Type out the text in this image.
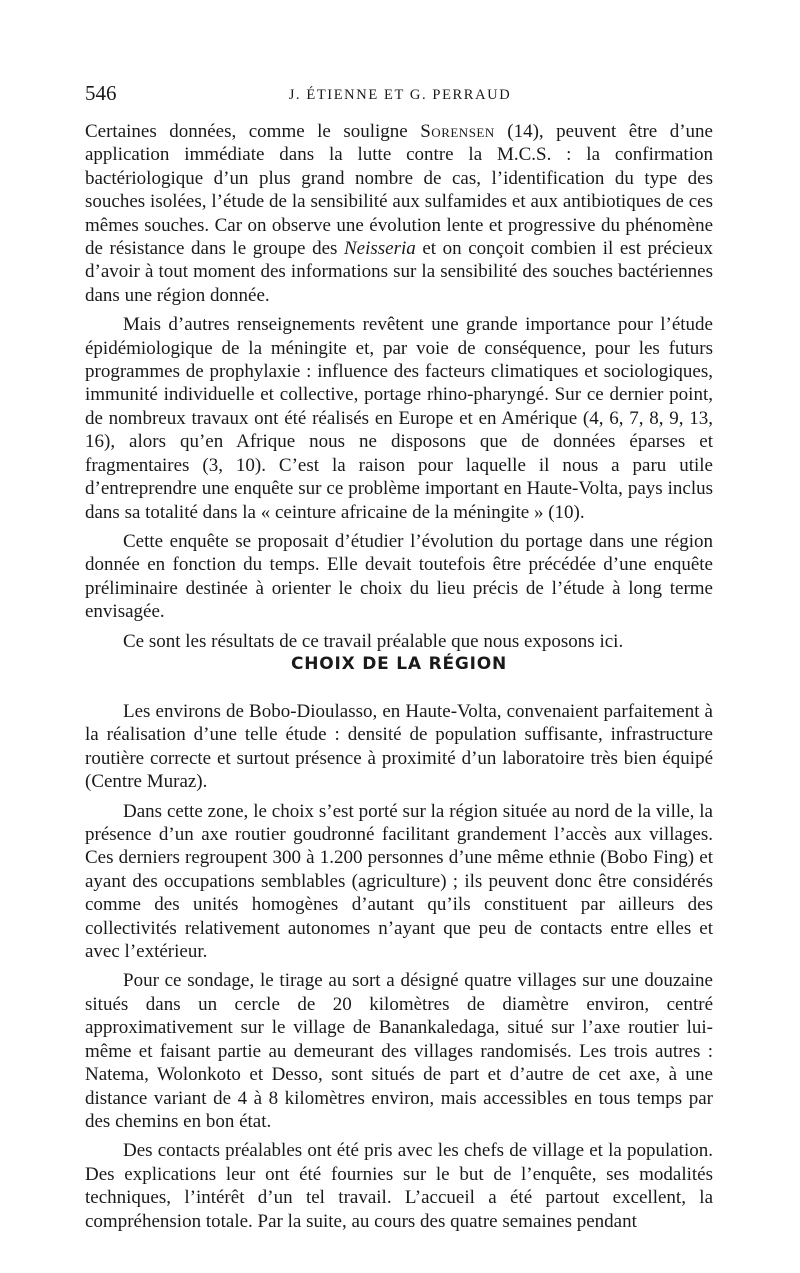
546	J. ÉTIENNE ET G. PERRAUD

Certaines données, comme le souligne Sorensen (14), peuvent être d’une application immédiate dans la lutte contre la M.C.S. : la confirmation bactériologique d’un plus grand nombre de cas, l’identification du type des souches isolées, l’étude de la sensibilité aux sulfamides et aux antibiotiques de ces mêmes souches. Car on observe une évolution lente et progressive du phénomène de résistance dans le groupe des Neisseria et on conçoit combien il est précieux d’avoir à tout moment des informations sur la sensibilité des souches bactériennes dans une région donnée.

Mais d’autres renseignements revêtent une grande importance pour l’étude épidémiologique de la méningite et, par voie de conséquence, pour les futurs programmes de prophylaxie : influence des facteurs climatiques et sociologiques, immunité individuelle et collective, portage rhino-pharyngé. Sur ce dernier point, de nombreux travaux ont été réalisés en Europe et en Amérique (4, 6, 7, 8, 9, 13, 16), alors qu’en Afrique nous ne disposons que de données éparses et fragmentaires (3, 10). C’est la raison pour laquelle il nous a paru utile d’entreprendre une enquête sur ce problème important en Haute-Volta, pays inclus dans sa totalité dans la « ceinture africaine de la méningite » (10).

Cette enquête se proposait d’étudier l’évolution du portage dans une région donnée en fonction du temps. Elle devait toutefois être précédée d’une enquête préliminaire destinée à orienter le choix du lieu précis de l’étude à long terme envisagée.

Ce sont les résultats de ce travail préalable que nous exposons ici.

CHOIX DE LA RÉGION

Les environs de Bobo-Dioulasso, en Haute-Volta, convenaient parfaitement à la réalisation d’une telle étude : densité de population suffisante, infrastructure routière correcte et surtout présence à proximité d’un laboratoire très bien équipé (Centre Muraz).

Dans cette zone, le choix s’est porté sur la région située au nord de la ville, la présence d’un axe routier goudronné facilitant grandement l’accès aux villages. Ces derniers regroupent 300 à 1.200 personnes d’une même ethnie (Bobo Fing) et ayant des occupations semblables (agriculture) ; ils peuvent donc être considérés comme des unités homogènes d’autant qu’ils constituent par ailleurs des collectivités relativement autonomes n’ayant que peu de contacts entre elles et avec l’extérieur.

Pour ce sondage, le tirage au sort a désigné quatre villages sur une douzaine situés dans un cercle de 20 kilomètres de diamètre environ, centré approximativement sur le village de Banankaledaga, situé sur l’axe routier lui-même et faisant partie au demeurant des villages randomisés. Les trois autres : Natema, Wolonkoto et Desso, sont situés de part et d’autre de cet axe, à une distance variant de 4 à 8 kilomètres environ, mais accessibles en tous temps par des chemins en bon état.

Des contacts préalables ont été pris avec les chefs de village et la population. Des explications leur ont été fournies sur le but de l’enquête, ses modalités techniques, l’intérêt d’un tel travail. L’accueil a été partout excellent, la compréhension totale. Par la suite, au cours des quatre semaines pendant
